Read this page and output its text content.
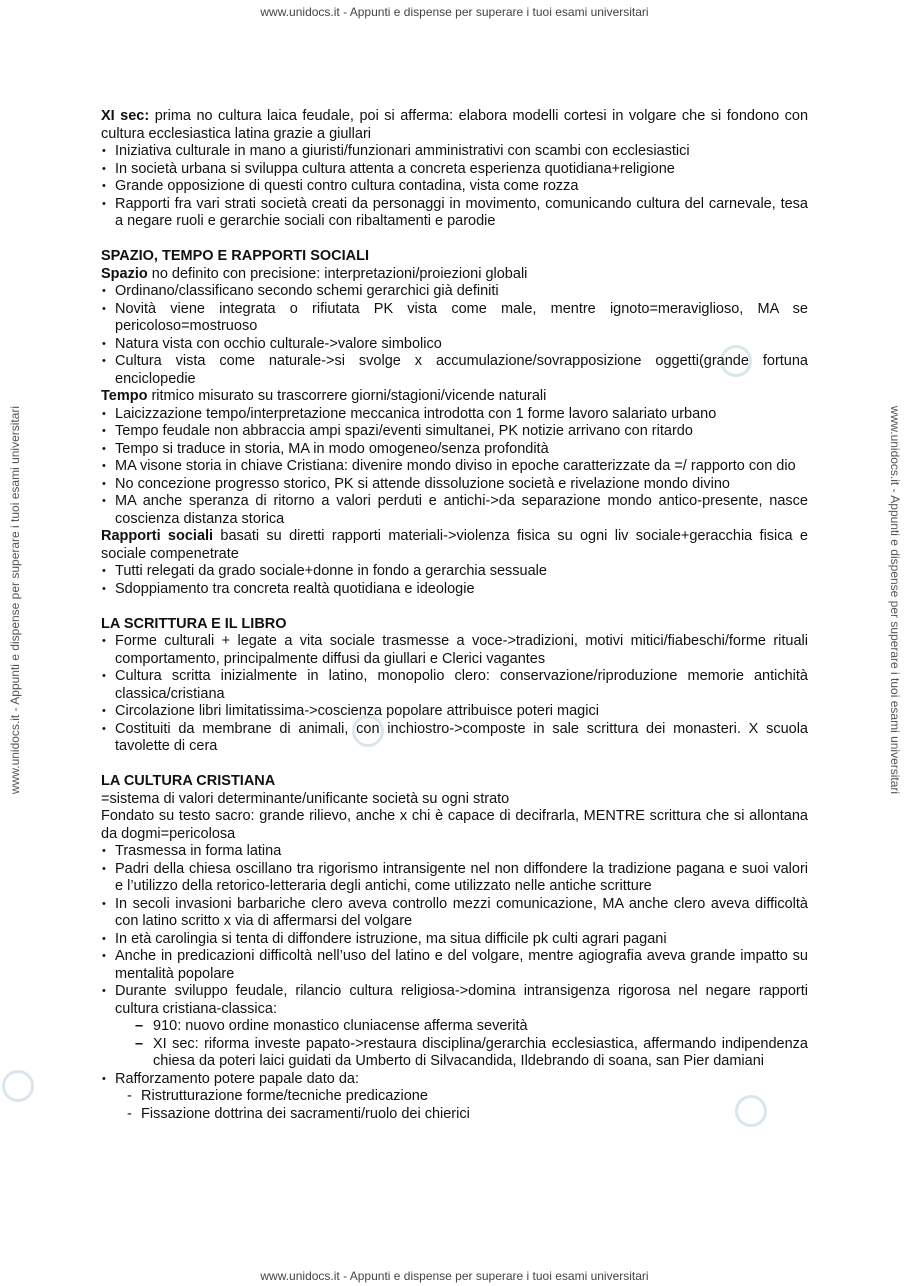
www.unidocs.it - Appunti e dispense per superare i tuoi esami universitari
www.unidocs.it - Appunti e dispense per superare i tuoi esami universitari
www.unidocs.it - Appunti e dispense per superare i tuoi esami universitari	www.unidocs.it - Appunti e dispense per superare i tuoi esami universitari

XI sec: prima no cultura laica feudale, poi si afferma: elabora modelli cortesi in volgare che si fondono con cultura ecclesiastica latina grazie a giullari

• Iniziativa culturale in mano a giuristi/funzionari amministrativi con scambi con ecclesiastici
• In società urbana si sviluppa cultura attenta a concreta esperienza quotidiana+religione
• Grande opposizione di questi contro cultura contadina, vista come rozza
• Rapporti fra vari strati società creati da personaggi in movimento, comunicando cultura del carnevale, tesa a negare ruoli e gerarchie sociali con ribaltamenti e parodie

SPAZIO, TEMPO E RAPPORTI SOCIALI

Spazio no definito con precisione: interpretazioni/proiezioni globali

• Ordinano/classificano secondo schemi gerarchici già definiti
• Novità viene integrata o rifiutata PK vista come male, mentre ignoto=meraviglioso, MA se pericoloso=mostruoso
• Natura vista con occhio culturale->valore simbolico
• Cultura vista come naturale->si svolge x accumulazione/sovrapposizione oggetti(grande fortuna enciclopedie

Tempo ritmico misurato su trascorrere giorni/stagioni/vicende naturali

• Laicizzazione tempo/interpretazione meccanica introdotta con 1 forme lavoro salariato urbano
• Tempo feudale non abbraccia ampi spazi/eventi simultanei, PK notizie arrivano con ritardo
• Tempo si traduce in storia, MA in modo omogeneo/senza profondità
• MA visone storia in chiave Cristiana: divenire mondo diviso in epoche caratterizzate da =/ rapporto con dio
• No concezione progresso storico, PK si attende dissoluzione società e rivelazione mondo divino
• MA anche speranza di ritorno a valori perduti e antichi->da separazione mondo antico-presente, nasce coscienza distanza storica

Rapporti sociali basati su diretti rapporti materiali->violenza fisica su ogni liv sociale+geracchia fisica e sociale compenetrate

• Tutti relegati da grado sociale+donne in fondo a gerarchia sessuale
• Sdoppiamento tra concreta realtà quotidiana e ideologie

LA SCRITTURA E IL LIBRO

• Forme culturali + legate a vita sociale trasmesse a voce->tradizioni, motivi mitici/fiabeschi/forme rituali comportamento, principalmente diffusi da giullari e Clerici vagantes
• Cultura scritta inizialmente in latino, monopolio clero: conservazione/riproduzione memorie antichità classica/cristiana
• Circolazione libri limitatissima->coscienza popolare attribuisce poteri magici
• Costituiti da membrane di animali, con inchiostro->composte in sale scrittura dei monasteri. X scuola tavolette di cera

LA CULTURA CRISTIANA

=sistema di valori determinante/unificante società su ogni strato

Fondato su testo sacro: grande rilievo, anche x chi è capace di decifrarla, MENTRE scrittura che si allontana da dogmi=pericolosa

• Trasmessa in forma latina
• Padri della chiesa oscillano tra rigorismo intransigente nel non diffondere la tradizione pagana e suoi valori e l’utilizzo della retorico-letteraria degli antichi, come utilizzato nelle antiche scritture
• In secoli invasioni barbariche clero aveva controllo mezzi comunicazione, MA anche clero aveva difficoltà con latino scritto x via di affermarsi del volgare
• In età carolingia si tenta di diffondere istruzione, ma situa difficile pk culti agrari pagani
• Anche in predicazioni difficoltà nell’uso del latino e del volgare, mentre agiografia aveva grande impatto su mentalità popolare
• Durante sviluppo feudale, rilancio cultura religiosa->domina intransigenza rigorosa nel negare rapporti cultura cristiana-classica:
– 910: nuovo ordine monastico cluniacense afferma severità
– XI sec: riforma investe papato->restaura disciplina/gerarchia ecclesiastica, affermando indipendenza chiesa da poteri laici guidati da Umberto di Silvacandida, Ildebrando di soana, san Pier damiani
• Rafforzamento potere papale dato da:
- Ristrutturazione forme/tecniche predicazione
- Fissazione dottrina dei sacramenti/ruolo dei chierici
